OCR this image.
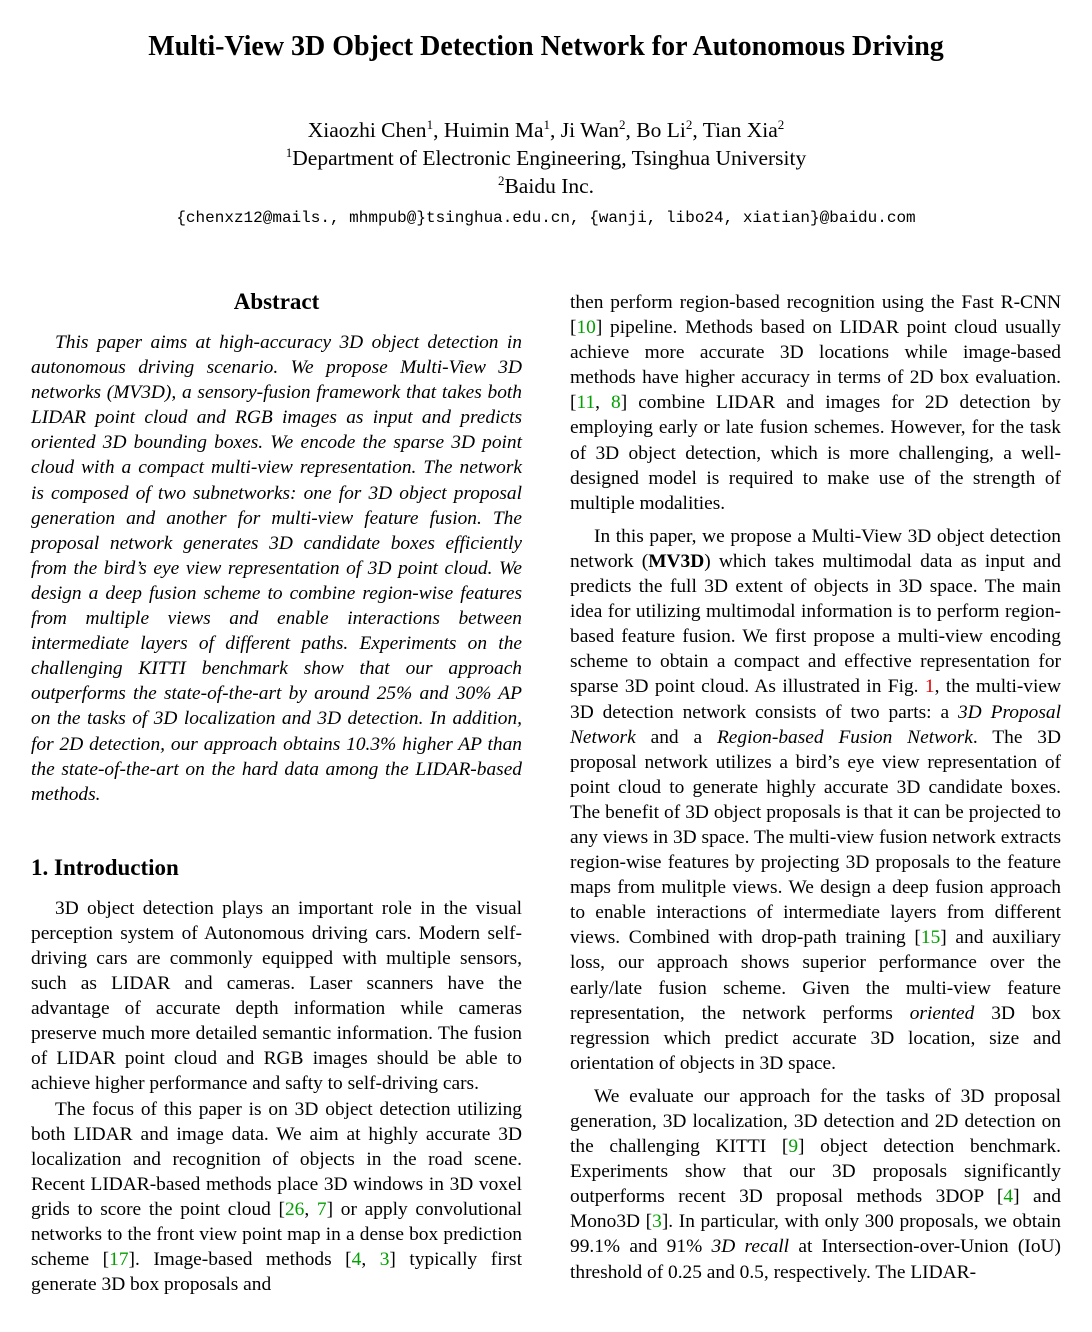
Multi-View 3D Object Detection Network for Autonomous Driving
Xiaozhi Chen$^1$, Huimin Ma$^1$, Ji Wan$^2$, Bo Li$^2$, Tian Xia$^2$
$^1$Department of Electronic Engineering, Tsinghua University
$^2$Baidu Inc.
{chenxz12@mails., mhmpub@}tsinghua.edu.cn, {wanji, libo24, xiatian}@baidu.com
Abstract

This paper aims at high-accuracy 3D object detection in autonomous driving scenario. We propose Multi-View 3D networks (MV3D), a sensory-fusion framework that takes both LIDAR point cloud and RGB images as input and predicts oriented 3D bounding boxes. We encode the sparse 3D point cloud with a compact multi-view representation. The network is composed of two subnetworks: one for 3D object proposal generation and another for multi-view feature fusion. The proposal network generates 3D candidate boxes efficiently from the bird’s eye view representation of 3D point cloud. We design a deep fusion scheme to combine region-wise features from multiple views and enable interactions between intermediate layers of different paths. Experiments on the challenging KITTI benchmark show that our approach outperforms the state-of-the-art by around 25% and 30% AP on the tasks of 3D localization and 3D detection. In addition, for 2D detection, our approach obtains 10.3% higher AP than the state-of-the-art on the hard data among the LIDAR-based methods.

1. Introduction

3D object detection plays an important role in the visual perception system of Autonomous driving cars. Modern self-driving cars are commonly equipped with multiple sensors, such as LIDAR and cameras. Laser scanners have the advantage of accurate depth information while cameras preserve much more detailed semantic information. The fusion of LIDAR point cloud and RGB images should be able to achieve higher performance and safty to self-driving cars.

The focus of this paper is on 3D object detection utilizing both LIDAR and image data. We aim at highly accurate 3D localization and recognition of objects in the road scene. Recent LIDAR-based methods place 3D windows in 3D voxel grids to score the point cloud [26, 7] or apply convolutional networks to the front view point map in a dense box prediction scheme [17]. Image-based methods [4, 3] typically first generate 3D box proposals and

then perform region-based recognition using the Fast R-CNN [10] pipeline. Methods based on LIDAR point cloud usually achieve more accurate 3D locations while image-based methods have higher accuracy in terms of 2D box evaluation. [11, 8] combine LIDAR and images for 2D detection by employing early or late fusion schemes. However, for the task of 3D object detection, which is more challenging, a well-designed model is required to make use of the strength of multiple modalities.

In this paper, we propose a Multi-View 3D object detection network (MV3D) which takes multimodal data as input and predicts the full 3D extent of objects in 3D space. The main idea for utilizing multimodal information is to perform region-based feature fusion. We first propose a multi-view encoding scheme to obtain a compact and effective representation for sparse 3D point cloud. As illustrated in Fig. 1, the multi-view 3D detection network consists of two parts: a 3D Proposal Network and a Region-based Fusion Network. The 3D proposal network utilizes a bird’s eye view representation of point cloud to generate highly accurate 3D candidate boxes. The benefit of 3D object proposals is that it can be projected to any views in 3D space. The multi-view fusion network extracts region-wise features by projecting 3D proposals to the feature maps from mulitple views. We design a deep fusion approach to enable interactions of intermediate layers from different views. Combined with drop-path training [15] and auxiliary loss, our approach shows superior performance over the early/late fusion scheme. Given the multi-view feature representation, the network performs oriented 3D box regression which predict accurate 3D location, size and orientation of objects in 3D space.

We evaluate our approach for the tasks of 3D proposal generation, 3D localization, 3D detection and 2D detection on the challenging KITTI [9] object detection benchmark. Experiments show that our 3D proposals significantly outperforms recent 3D proposal methods 3DOP [4] and Mono3D [3]. In particular, with only 300 proposals, we obtain 99.1% and 91% 3D recall at Intersection-over-Union (IoU) threshold of 0.25 and 0.5, respectively. The LIDAR-
